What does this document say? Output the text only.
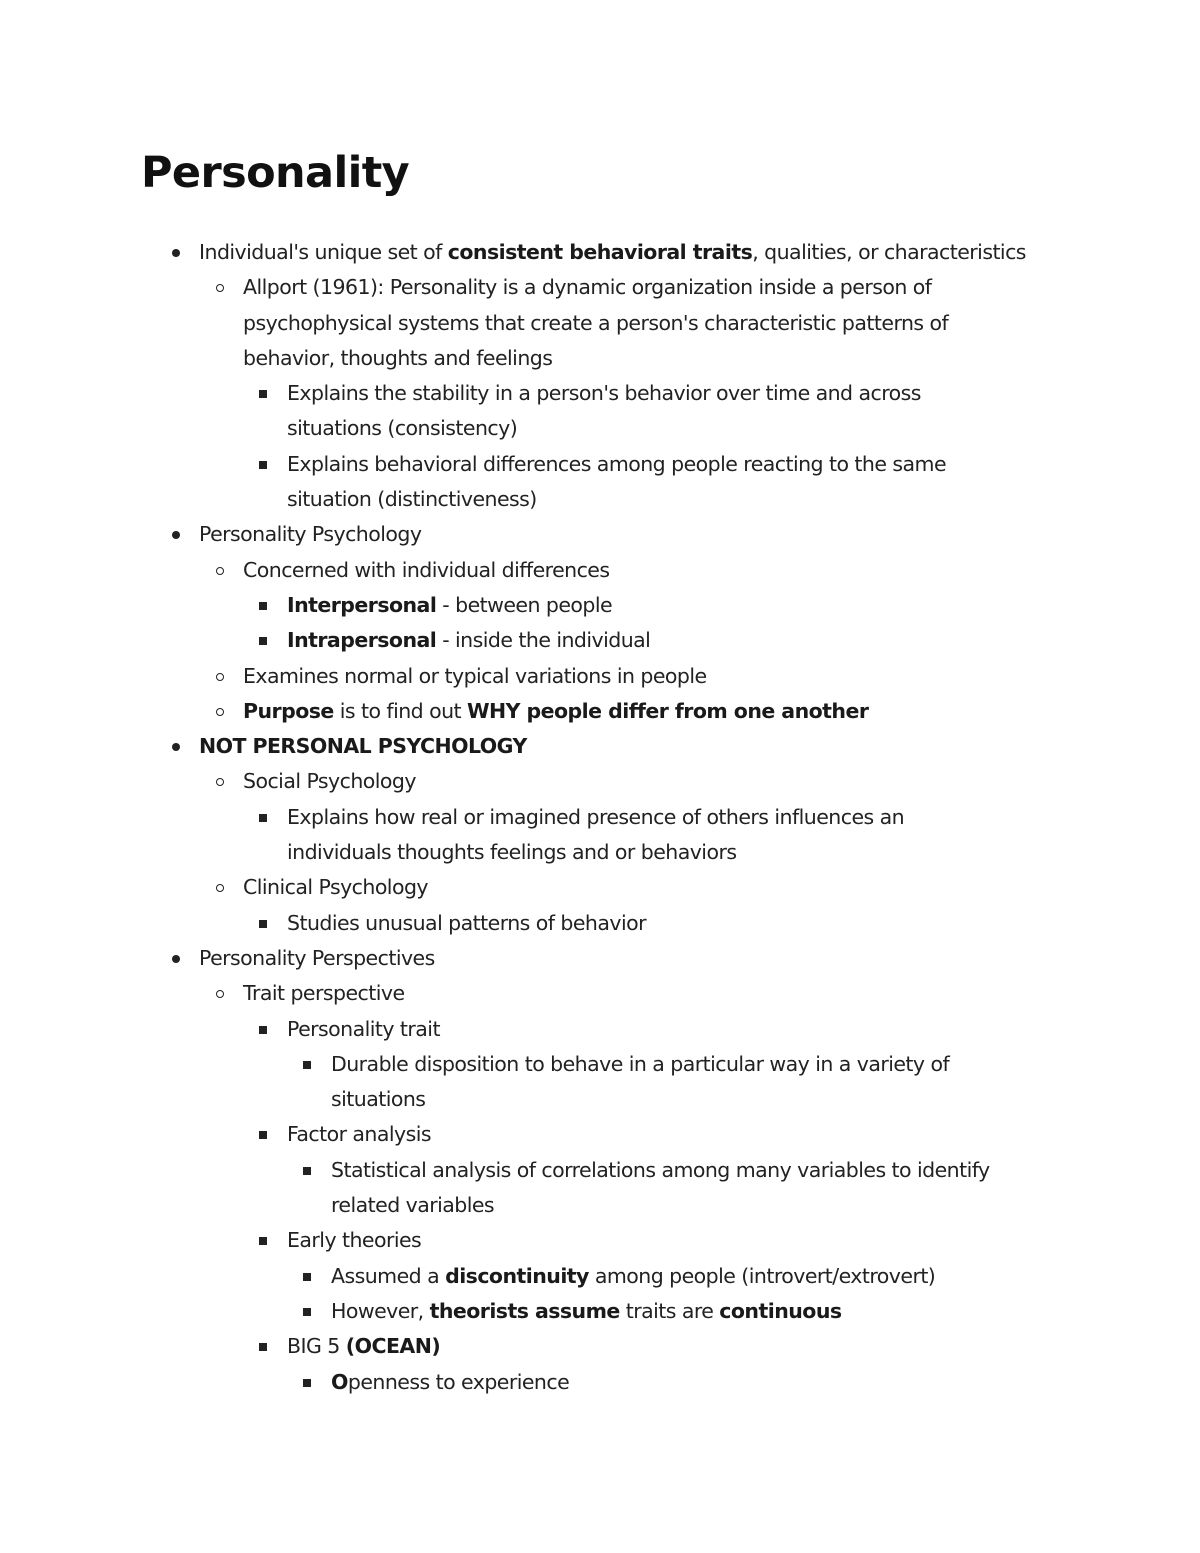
Personality
Individual's unique set of consistent behavioral traits, qualities, or characteristics
Allport (1961): Personality is a dynamic organization inside a person of psychophysical systems that create a person's characteristic patterns of behavior, thoughts and feelings
Explains the stability in a person's behavior over time and across situations (consistency)
Explains behavioral differences among people reacting to the same situation (distinctiveness)
Personality Psychology
Concerned with individual differences
Interpersonal - between people
Intrapersonal - inside the individual
Examines normal or typical variations in people
Purpose is to find out WHY people differ from one another
NOT PERSONAL PSYCHOLOGY
Social Psychology
Explains how real or imagined presence of others influences an individuals thoughts feelings and or behaviors
Clinical Psychology
Studies unusual patterns of behavior
Personality Perspectives
Trait perspective
Personality trait
Durable disposition to behave in a particular way in a variety of situations
Factor analysis
Statistical analysis of correlations among many variables to identify related variables
Early theories
Assumed a discontinuity among people (introvert/extrovert)
However, theorists assume traits are continuous
BIG 5 (OCEAN)
Openness to experience
